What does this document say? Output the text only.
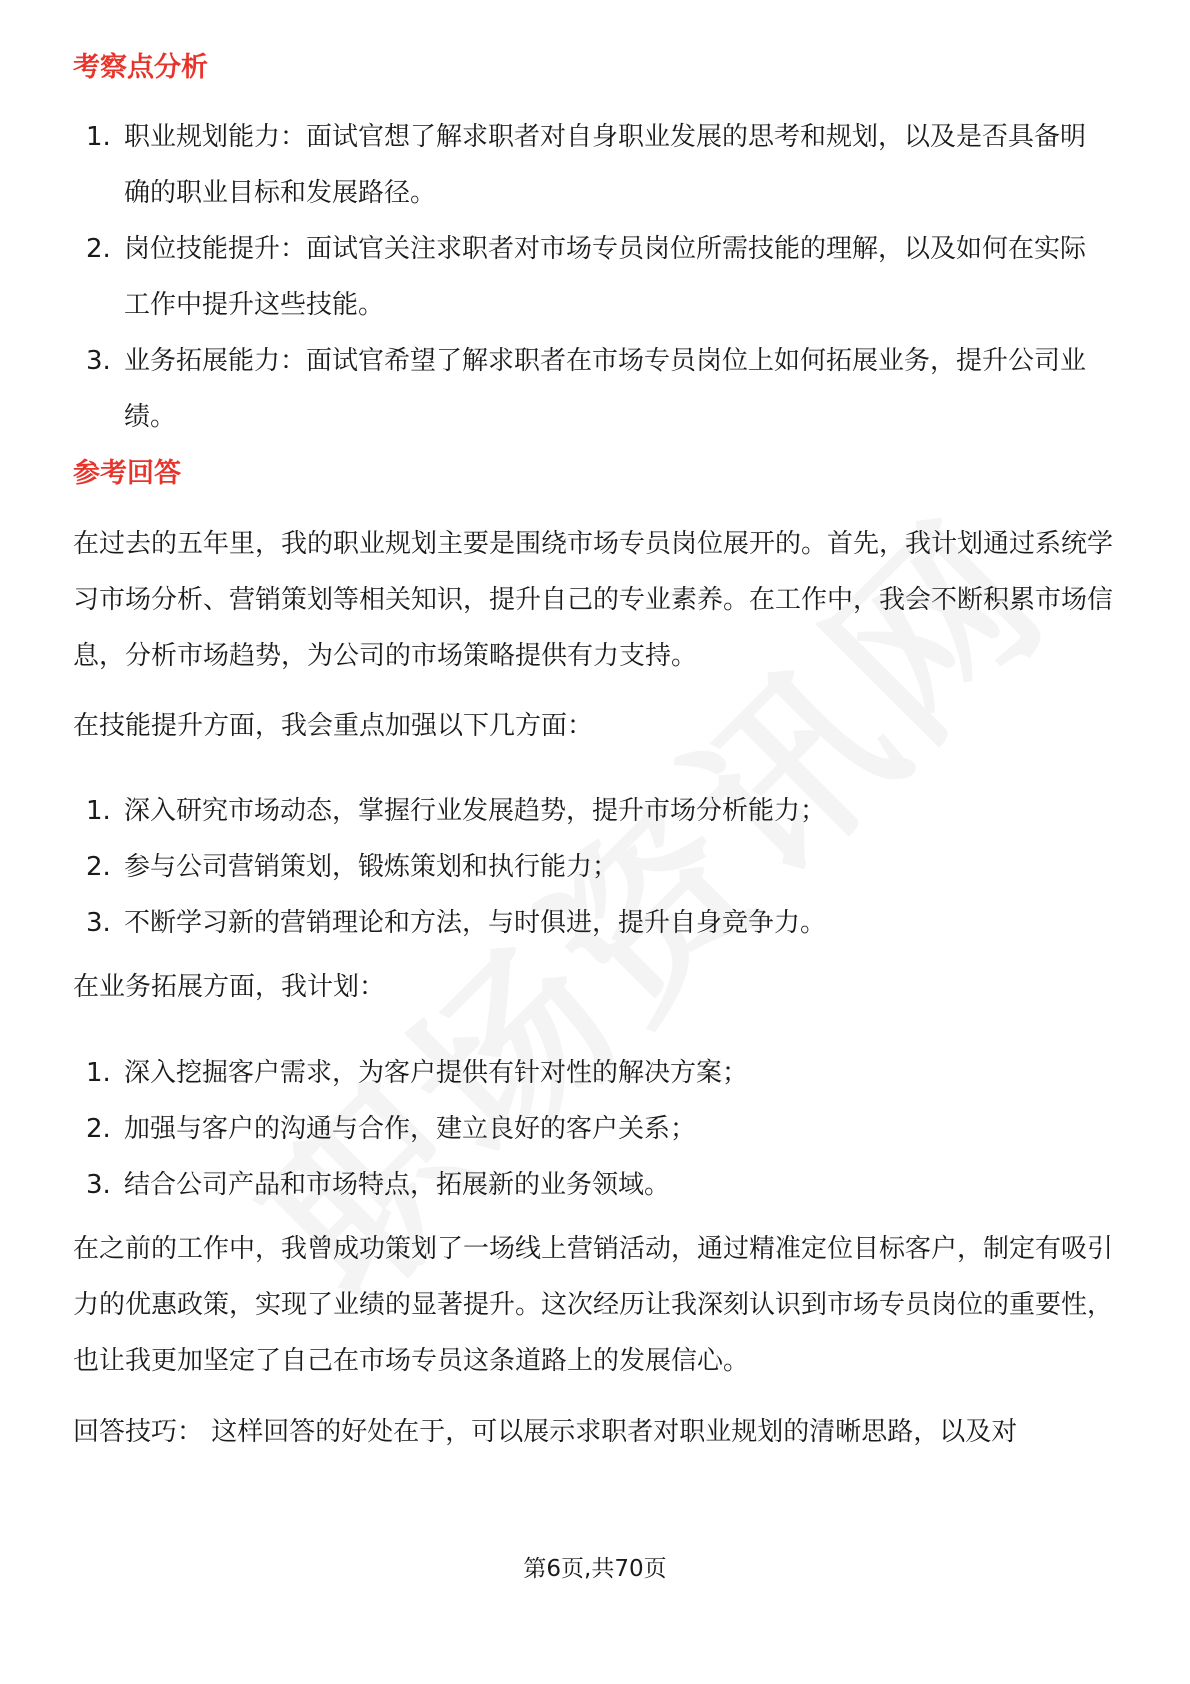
考察点分析
1. 职业规划能力：面试官想了解求职者对自身职业发展的思考和规划，以及是否具备明确的职业目标和发展路径。
2. 岗位技能提升：面试官关注求职者对市场专员岗位所需技能的理解，以及如何在实际工作中提升这些技能。
3. 业务拓展能力：面试官希望了解求职者在市场专员岗位上如何拓展业务，提升公司业绩。
参考回答

在过去的五年里，我的职业规划主要是围绕市场专员岗位展开的。首先，我计划通过系统学习市场分析、营销策划等相关知识，提升自己的专业素养。在工作中，我会不断积累市场信息，分析市场趋势，为公司的市场策略提供有力支持。

在技能提升方面，我会重点加强以下几方面：

1. 深入研究市场动态，掌握行业发展趋势，提升市场分析能力；
2. 参与公司营销策划，锻炼策划和执行能力；
3. 不断学习新的营销理论和方法，与时俱进，提升自身竞争力。

在业务拓展方面，我计划：

1. 深入挖掘客户需求，为客户提供有针对性的解决方案；
2. 加强与客户的沟通与合作，建立良好的客户关系；
3. 结合公司产品和市场特点，拓展新的业务领域。

在之前的工作中，我曾成功策划了一场线上营销活动，通过精准定位目标客户，制定有吸引力的优惠政策，实现了业绩的显著提升。这次经历让我深刻认识到市场专员岗位的重要性，也让我更加坚定了自己在市场专员这条道路上的发展信心。

回答技巧： 这样回答的好处在于，可以展示求职者对职业规划的清晰思路，以及对

第6页,共70页
